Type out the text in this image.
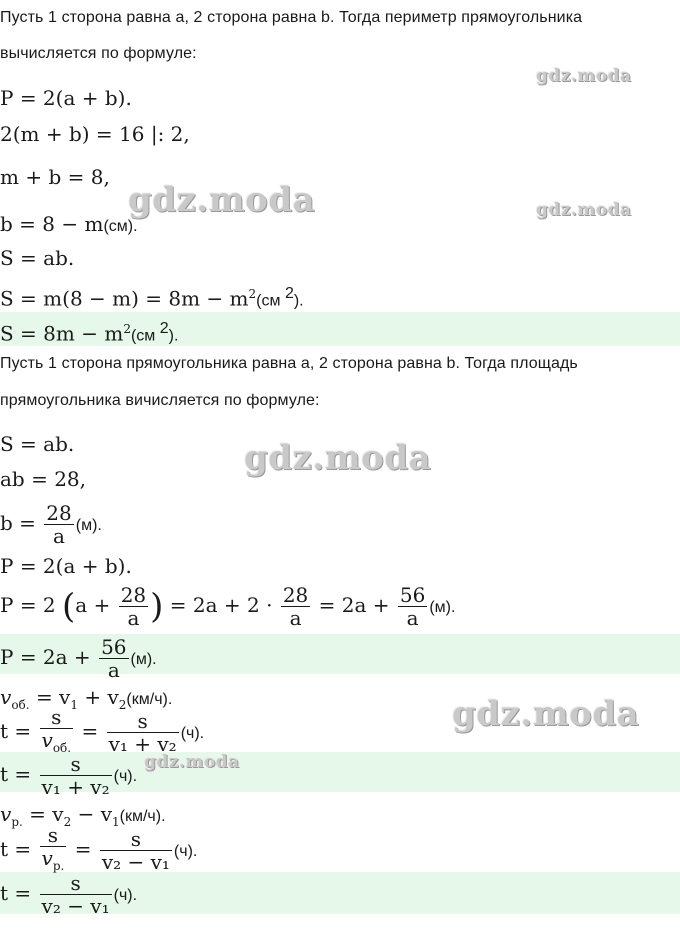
Пусть 1 сторона равна a, 2 сторона равна b. Тогда периметр прямоугольника
вычисляется по формуле:
P = 2(a + b).
2(m + b) = 16 |: 2,
m + b = 8,
b = 8 − m(см).
S = ab.
$S = m(8 - m) = 8m - m^2(см$ $^2$).
$S = 8m - m^2(см$ $^2$).
Пусть 1 сторона прямоугольника равна a, 2 сторона равна b. Тогда площадь
прямоугольника вичисляется по формуле:
S = ab.
ab = 28,
$b = \frac{28}{a} (м)$.
P = 2(a + b).
P = 2 ($a + \frac{28}{a}$ ) = $2a + 2 \cdot \frac{28}{a} = 2a + \frac{56}{a} (м)$.
$P = 2a + \frac{56}{a} (м)$.
$v_{об.} = v_1 + v_2(км/ч)$.
$t = \frac{s}{v_{об.}} = \frac{s}{\text{v₁ + v₂}} (ч)$.
$t = \frac{s}{\text{v₁ + v₂}} (ч)$.
$v_{р.} = v_2 - v_1(км/ч)$.
$t = \frac{s}{v_{р.}} = \frac{s}{\text{v₂ − v₁}} (ч)$.
$t = \frac{s}{\text{v₂ − v₁}} (ч)$.
gdz.moda
gdz.moda	gdz.moda
gdz.moda
gdz.moda
gdz.moda
